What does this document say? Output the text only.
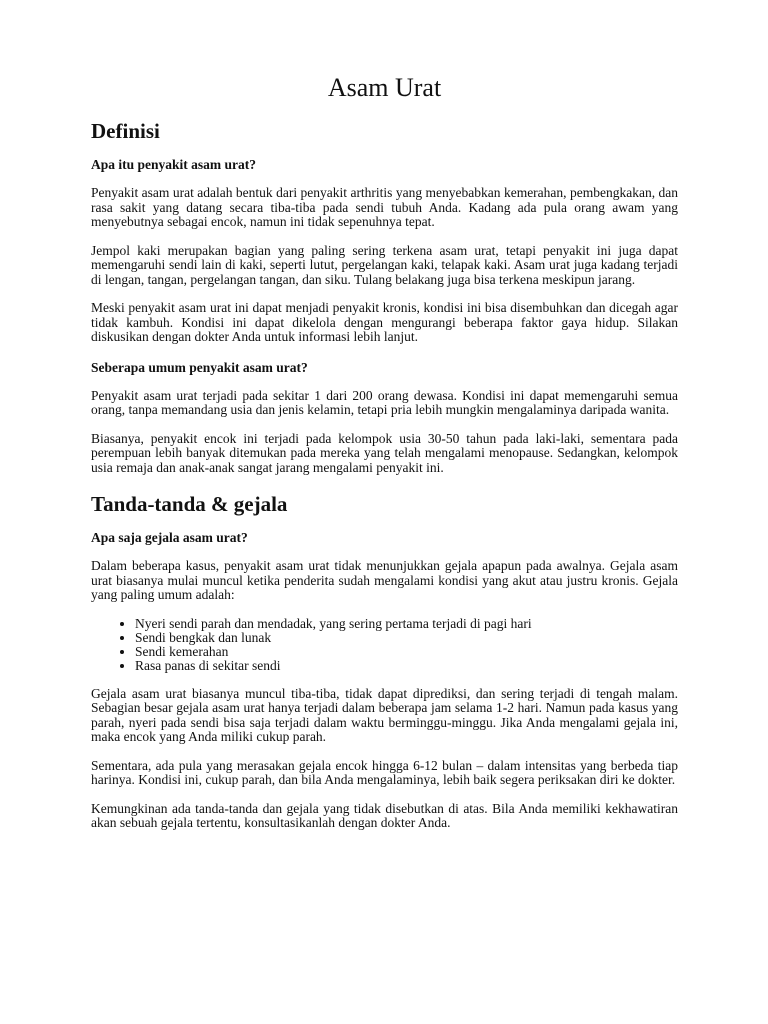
Asam Urat
Definisi
Apa itu penyakit asam urat?

Penyakit asam urat adalah bentuk dari penyakit arthritis yang menyebabkan kemerahan, pembengkakan, dan rasa sakit yang datang secara tiba-tiba pada sendi tubuh Anda. Kadang ada pula orang awam yang menyebutnya sebagai encok, namun ini tidak sepenuhnya tepat.

Jempol kaki merupakan bagian yang paling sering terkena asam urat, tetapi penyakit ini juga dapat memengaruhi sendi lain di kaki, seperti lutut, pergelangan kaki, telapak kaki. Asam urat juga kadang terjadi di lengan, tangan, pergelangan tangan, dan siku. Tulang belakang juga bisa terkena meskipun jarang.

Meski penyakit asam urat ini dapat menjadi penyakit kronis, kondisi ini bisa disembuhkan dan dicegah agar tidak kambuh. Kondisi ini dapat dikelola dengan mengurangi beberapa faktor gaya hidup. Silakan diskusikan dengan dokter Anda untuk informasi lebih lanjut.

Seberapa umum penyakit asam urat?

Penyakit asam urat terjadi pada sekitar 1 dari 200 orang dewasa. Kondisi ini dapat memengaruhi semua orang, tanpa memandang usia dan jenis kelamin, tetapi pria lebih mungkin mengalaminya daripada wanita.

Biasanya, penyakit encok ini terjadi pada kelompok usia 30-50 tahun pada laki-laki, sementara pada perempuan lebih banyak ditemukan pada mereka yang telah mengalami menopause. Sedangkan, kelompok usia remaja dan anak-anak sangat jarang mengalami penyakit ini.

Tanda-tanda & gejala
Apa saja gejala asam urat?

Dalam beberapa kasus, penyakit asam urat tidak menunjukkan gejala apapun pada awalnya. Gejala asam urat biasanya mulai muncul ketika penderita sudah mengalami kondisi yang akut atau justru kronis. Gejala yang paling umum adalah:

• Nyeri sendi parah dan mendadak, yang sering pertama terjadi di pagi hari
• Sendi bengkak dan lunak
• Sendi kemerahan
• Rasa panas di sekitar sendi

Gejala asam urat biasanya muncul tiba-tiba, tidak dapat diprediksi, dan sering terjadi di tengah malam. Sebagian besar gejala asam urat hanya terjadi dalam beberapa jam selama 1-2 hari. Namun pada kasus yang parah, nyeri pada sendi bisa saja terjadi dalam waktu berminggu-minggu. Jika Anda mengalami gejala ini, maka encok yang Anda miliki cukup parah.

Sementara, ada pula yang merasakan gejala encok hingga 6-12 bulan – dalam intensitas yang berbeda tiap harinya. Kondisi ini, cukup parah, dan bila Anda mengalaminya, lebih baik segera periksakan diri ke dokter.

Kemungkinan ada tanda-tanda dan gejala yang tidak disebutkan di atas. Bila Anda memiliki kekhawatiran akan sebuah gejala tertentu, konsultasikanlah dengan dokter Anda.
